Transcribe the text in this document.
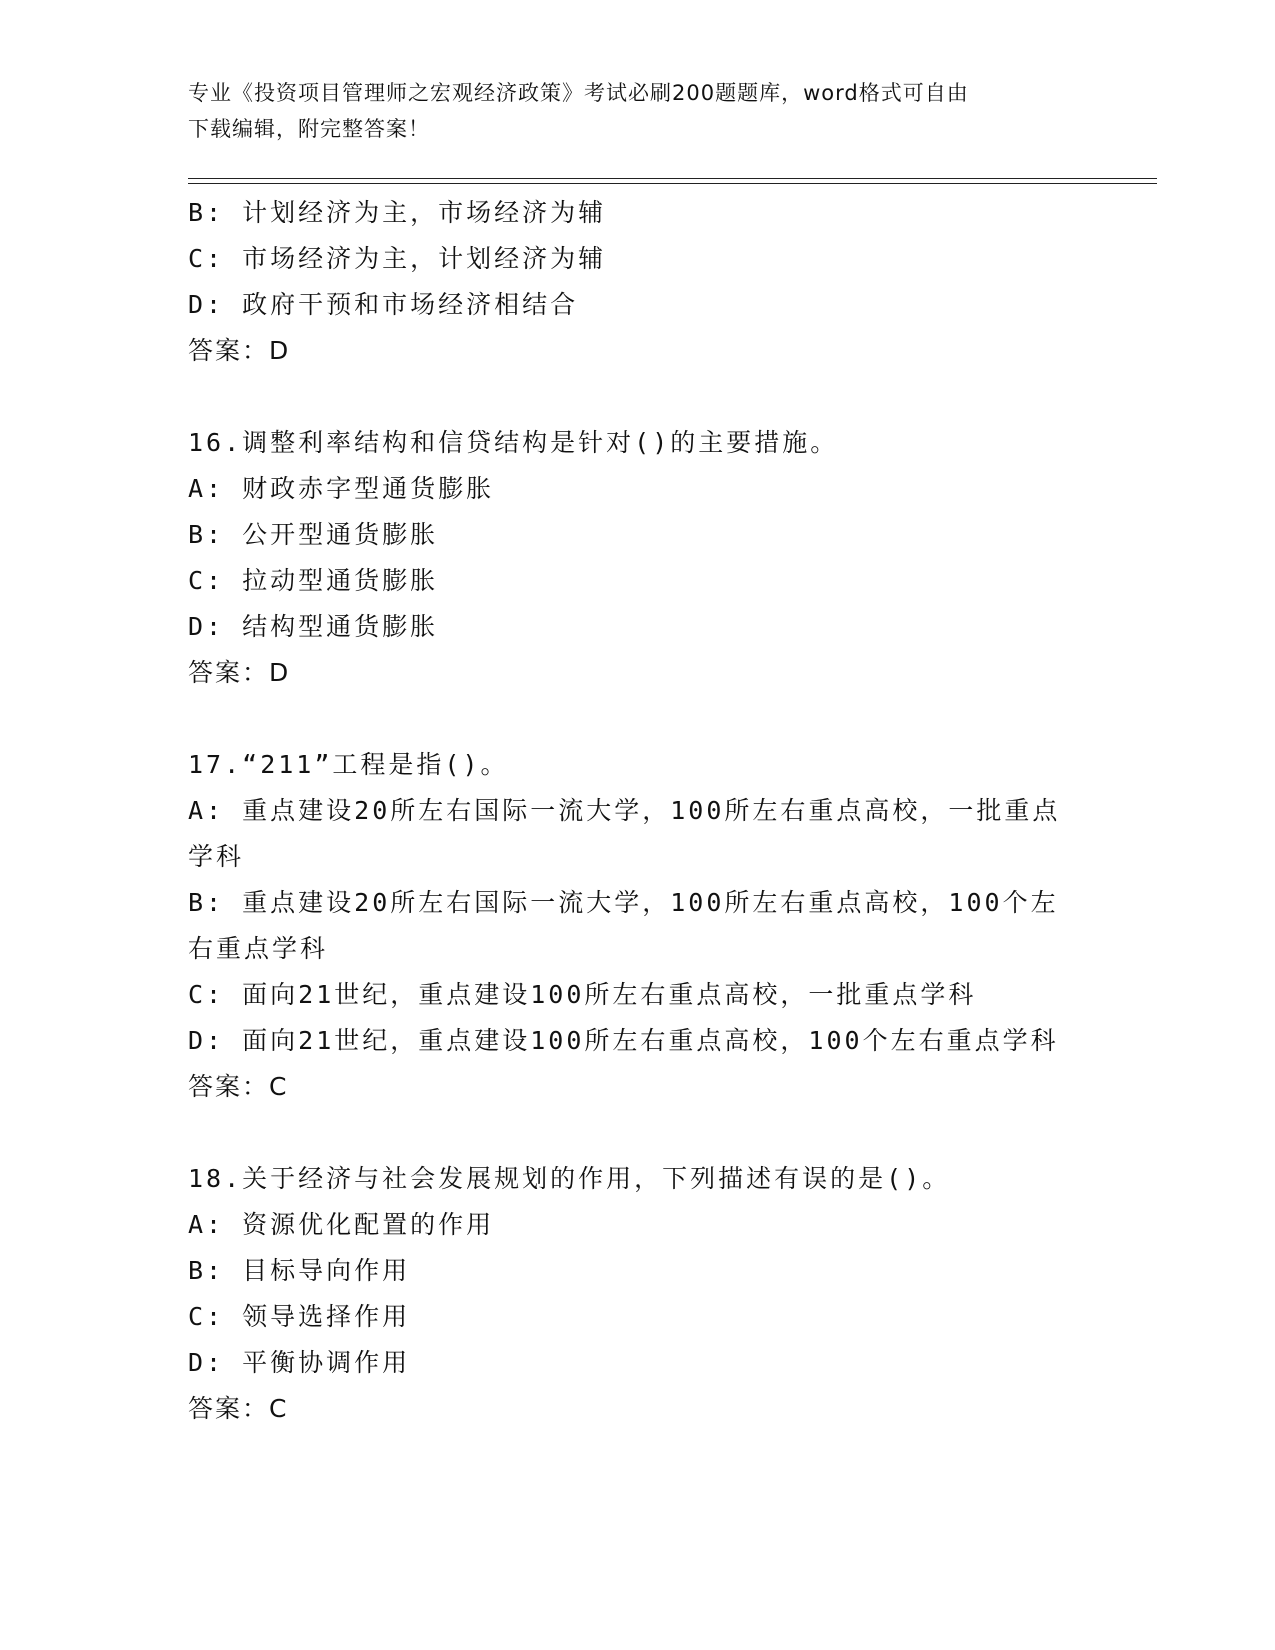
专业《投资项目管理师之宏观经济政策》考试必刷200题题库，word格式可自由
下载编辑，附完整答案！
B: 计划经济为主，市场经济为辅
C: 市场经济为主，计划经济为辅
D: 政府干预和市场经济相结合
答案：D
16.调整利率结构和信贷结构是针对()的主要措施。
A: 财政赤字型通货膨胀
B: 公开型通货膨胀
C: 拉动型通货膨胀
D: 结构型通货膨胀
答案：D
17.“211”工程是指()。
A: 重点建设20所左右国际一流大学，100所左右重点高校，一批重点
学科
B: 重点建设20所左右国际一流大学，100所左右重点高校，100个左
右重点学科
C: 面向21世纪，重点建设100所左右重点高校，一批重点学科
D: 面向21世纪，重点建设100所左右重点高校，100个左右重点学科
答案：C
18.关于经济与社会发展规划的作用，下列描述有误的是()。
A: 资源优化配置的作用
B: 目标导向作用
C: 领导选择作用
D: 平衡协调作用
答案：C
